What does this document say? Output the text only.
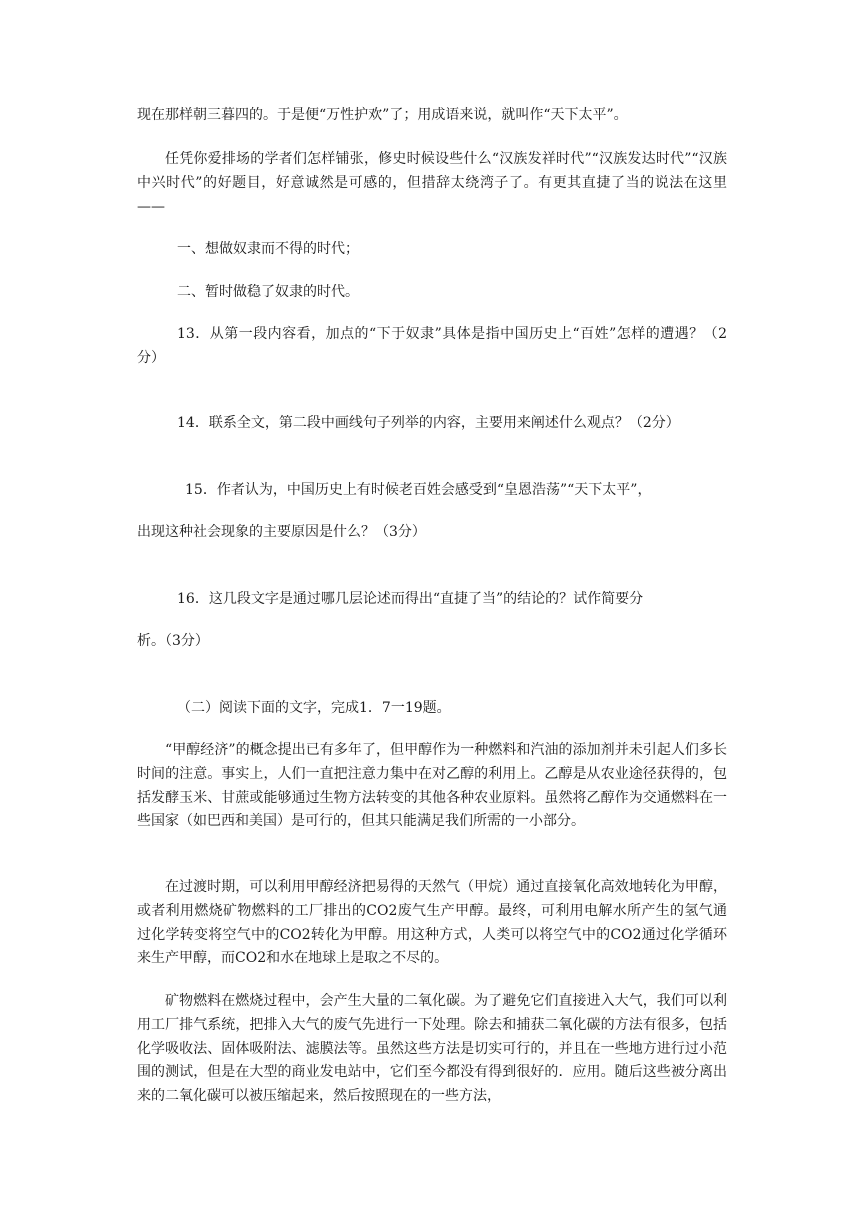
现在那样朝三暮四的。于是便“万性护欢”了；用成语来说，就叫作“天下太平”。

任凭你爱排场的学者们怎样铺张，修史时候设些什么“汉族发祥时代”“汉族发达时代”“汉族中兴时代”的好题目，好意诚然是可感的，但措辞太绕湾子了。有更其直捷了当的说法在这里——

一、想做奴隶而不得的时代；

二、暂时做稳了奴隶的时代。

13．从第一段内容看，加点的“下于奴隶”具体是指中国历史上“百姓”怎样的遭遇？（2分）

14．联系全文，第二段中画线句子列举的内容，主要用来阐述什么观点？（2分）

15．作者认为，中国历史上有时候老百姓会感受到“皇恩浩荡”“天下太平”，

出现这种社会现象的主要原因是什么？（3分）

16．这几段文字是通过哪几层论述而得出“直捷了当”的结论的？试作简要分

析。（3分）

（二）阅读下面的文字，完成1．7一19题。

“甲醇经济”的概念提出已有多年了，但甲醇作为一种燃料和汽油的添加剂并未引起人们多长时间的注意。事实上，人们一直把注意力集中在对乙醇的利用上。乙醇是从农业途径获得的，包括发酵玉米、甘蔗或能够通过生物方法转变的其他各种农业原料。虽然将乙醇作为交通燃料在一些国家（如巴西和美国）是可行的，但其只能满足我们所需的一小部分。

在过渡时期，可以利用甲醇经济把易得的天然气（甲烷）通过直接氧化高效地转化为甲醇，或者利用燃烧矿物燃料的工厂排出的CO2废气生产甲醇。最终，可利用电解水所产生的氢气通过化学转变将空气中的CO2转化为甲醇。用这种方式，人类可以将空气中的CO2通过化学循环来生产甲醇，而CO2和水在地球上是取之不尽的。

矿物燃料在燃烧过程中，会产生大量的二氧化碳。为了避免它们直接进入大气，我们可以利用工厂排气系统，把排入大气的废气先进行一下处理。除去和捕获二氧化碳的方法有很多，包括化学吸收法、固体吸附法、滤膜法等。虽然这些方法是切实可行的，并且在一些地方进行过小范围的测试，但是在大型的商业发电站中，它们至今都没有得到很好的．应用。随后这些被分离出来的二氧化碳可以被压缩起来，然后按照现在的一些方法，
